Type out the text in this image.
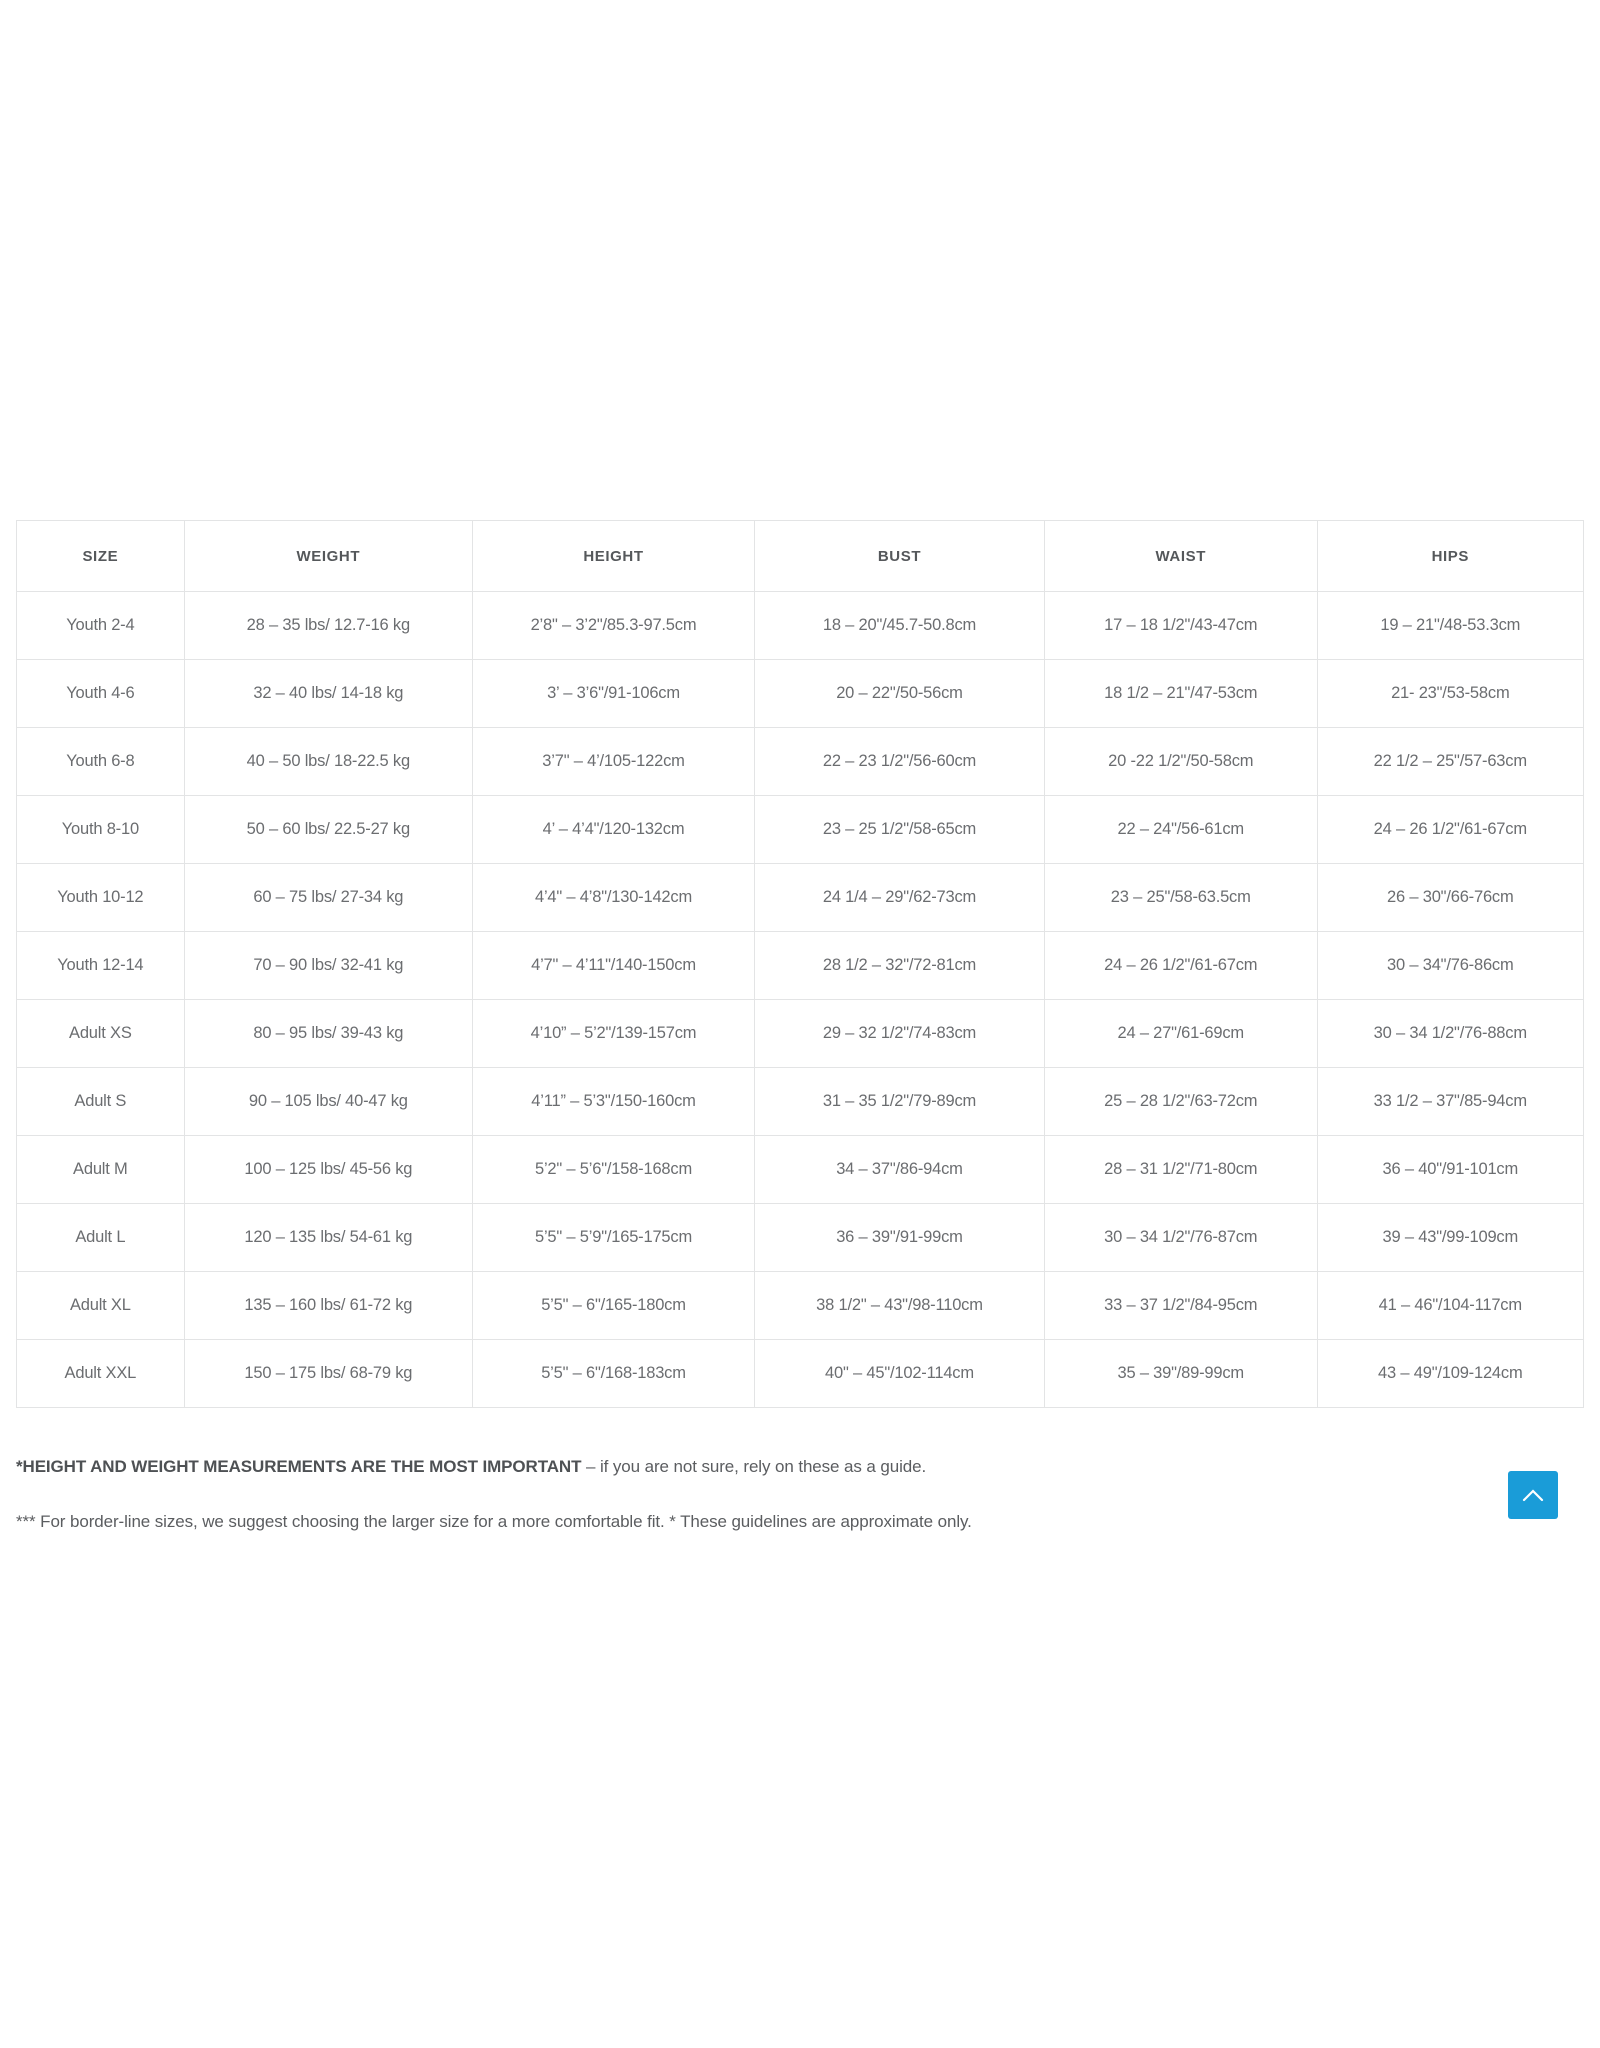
SIZE	WEIGHT	HEIGHT	BUST	WAIST	HIPS
Youth 2-4	28 – 35 lbs/ 12.7-16 kg	2’8" – 3’2"/85.3-97.5cm	18 – 20"/45.7-50.8cm	17 – 18 1/2"/43-47cm	19 – 21"/48-53.3cm
Youth 4-6	32 – 40 lbs/ 14-18 kg	3’ – 3’6"/91-106cm	20 – 22"/50-56cm	18 1/2 – 21"/47-53cm	21- 23"/53-58cm
Youth 6-8	40 – 50 lbs/ 18-22.5 kg	3’7" – 4’/105-122cm	22 – 23 1/2"/56-60cm	20 -22 1/2"/50-58cm	22 1/2 – 25"/57-63cm
Youth 8-10	50 – 60 lbs/ 22.5-27 kg	4’ – 4’4"/120-132cm	23 – 25 1/2"/58-65cm	22 – 24"/56-61cm	24 – 26 1/2"/61-67cm
Youth 10-12	60 – 75 lbs/ 27-34 kg	4’4" – 4’8"/130-142cm	24 1/4 – 29"/62-73cm	23 – 25"/58-63.5cm	26 – 30"/66-76cm
Youth 12-14	70 – 90 lbs/ 32-41 kg	4’7" – 4’11"/140-150cm	28 1/2 – 32"/72-81cm	24 – 26 1/2"/61-67cm	30 – 34"/76-86cm
Adult XS	80 – 95 lbs/ 39-43 kg	4’10” – 5’2"/139-157cm	29 – 32 1/2"/74-83cm	24 – 27"/61-69cm	30 – 34 1/2"/76-88cm
Adult S	90 – 105 lbs/ 40-47 kg	4’11” – 5’3"/150-160cm	31 – 35 1/2"/79-89cm	25 – 28 1/2"/63-72cm	33 1/2 – 37"/85-94cm
Adult M	100 – 125 lbs/ 45-56 kg	5’2" – 5’6"/158-168cm	34 – 37"/86-94cm	28 – 31 1/2"/71-80cm	36 – 40"/91-101cm
Adult L	120 – 135 lbs/ 54-61 kg	5’5" – 5’9"/165-175cm	36 – 39"/91-99cm	30 – 34 1/2"/76-87cm	39 – 43"/99-109cm
Adult XL	135 – 160 lbs/ 61-72 kg	5’5" – 6"/165-180cm	38 1/2" – 43"/98-110cm	33 – 37 1/2"/84-95cm	41 – 46"/104-117cm
Adult XXL	150 – 175 lbs/ 68-79 kg	5’5" – 6"/168-183cm	40" – 45"/102-114cm	35 – 39"/89-99cm	43 – 49"/109-124cm

*HEIGHT AND WEIGHT MEASUREMENTS ARE THE MOST IMPORTANT – if you are not sure, rely on these as a guide.

*** For border-line sizes, we suggest choosing the larger size for a more comfortable fit. * These guidelines are approximate only.
